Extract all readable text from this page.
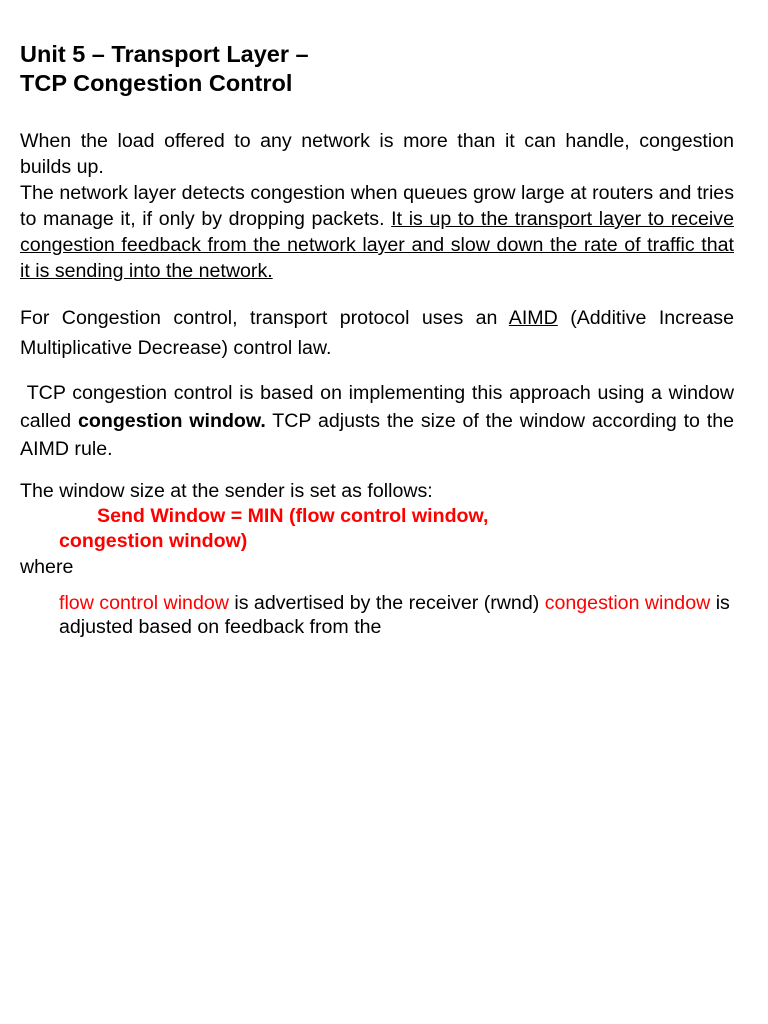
Unit 5 – Transport Layer –
TCP Congestion Control

When the load offered to any network is more than it can handle, congestion builds up.
The network layer detects congestion when queues grow large at routers and tries to manage it, if only by dropping packets. It is up to the transport layer to receive congestion feedback from the network layer and slow down the rate of traffic that it is sending into the network.

For Congestion control, transport protocol uses an AIMD (Additive Increase Multiplicative Decrease) control law.

TCP congestion control is based on implementing this approach using a window called congestion window. TCP adjusts the size of the window according to the AIMD rule.

The window size at the sender is set as follows:
Send Window = MIN (flow control window,
congestion window)
where

flow control window is advertised by the receiver (rwnd) congestion window is adjusted based on feedback from the
